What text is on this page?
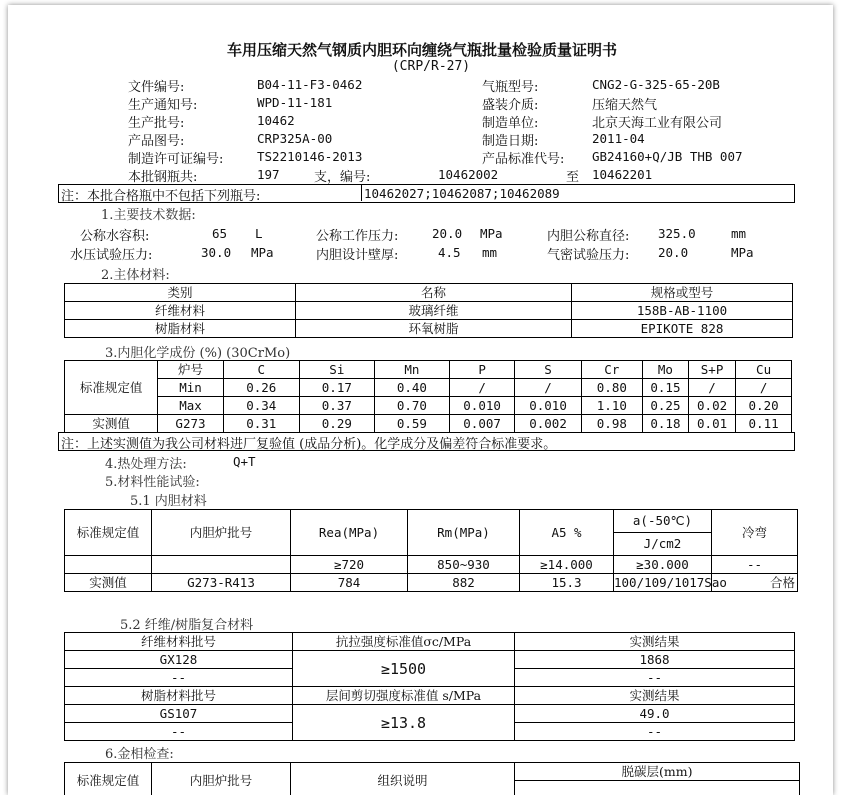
车用压缩天然气钢质内胆环向缠绕气瓶批量检验质量证明书
(CRP/R-27)
文件编号:	B04-11-F3-0462	气瓶型号:	CNG2-G-325-65-20B
生产通知号:	WPD-11-181	盛装介质:	压缩天然气
生产批号:	10462	制造单位:	北京天海工业有限公司
产品图号:	CRP325A-00	制造日期:	2011-04
制造许可证编号:	TS2210146-2013	产品标准代号: GB24160+Q/JB THB 007
本批钢瓶共:	197	支，编号:	10462002	至 10462201
注：本批合格瓶中不包括下列瓶号:	10462027;10462087;10462089
1.主要技术数据:
公称水容积:	65 L	公称工作压力:	20.0 MPa	内胆公称直径: 325.0	mm
水压试验压力:	30.0 MPa	内胆设计壁厚:	4.5 mm	气密试验压力: 20.0	MPa
2.主体材料:
类别	名称	规格或型号
纤维材料	玻璃纤维	158B-AB-1100
树脂材料	环氧树脂	EPIKOTE 828
3.内胆化学成份 (%) (30CrMo)
标准规定值	炉号	C	Si	Mn	P	S	Cr	Mo	S+P	Cu
	Min	0.26	0.17	0.40	/	/	0.80	0.15	/	/
	Max	0.34	0.37	0.70	0.010	0.010	1.10	0.25	0.02	0.20
实测值	G273	0.31	0.29	0.59	0.007	0.002	0.98	0.18	0.01	0.11
注：上述实测值为我公司材料进厂复验值 (成品分析)。化学成分及偏差符合标准要求。
4.热处理方法:	Q+T
5.材料性能试验:
5.1 内胆材料
标准规定值	内胆炉批号	Rea(MPa)	Rm(MPa)	A5 %	a(-50℃)	冷弯
					J/cm2	
		≥720	850~930	≥14.000	≥30.000	--
实测值	G273-R413	784	882	15.3	100/109/1017Sao	合格
5.2 纤维/树脂复合材料
纤维材料批号	抗拉强度标准值σc/MPa	实测结果
GX128	≥1500	1868
--		--
树脂材料批号	层间剪切强度标准值 s/MPa	实测结果
GS107	≥13.8	49.0
--		--
6.金相检查:
标准规定值	内胆炉批号	组织说明	脱碳层(mm)
